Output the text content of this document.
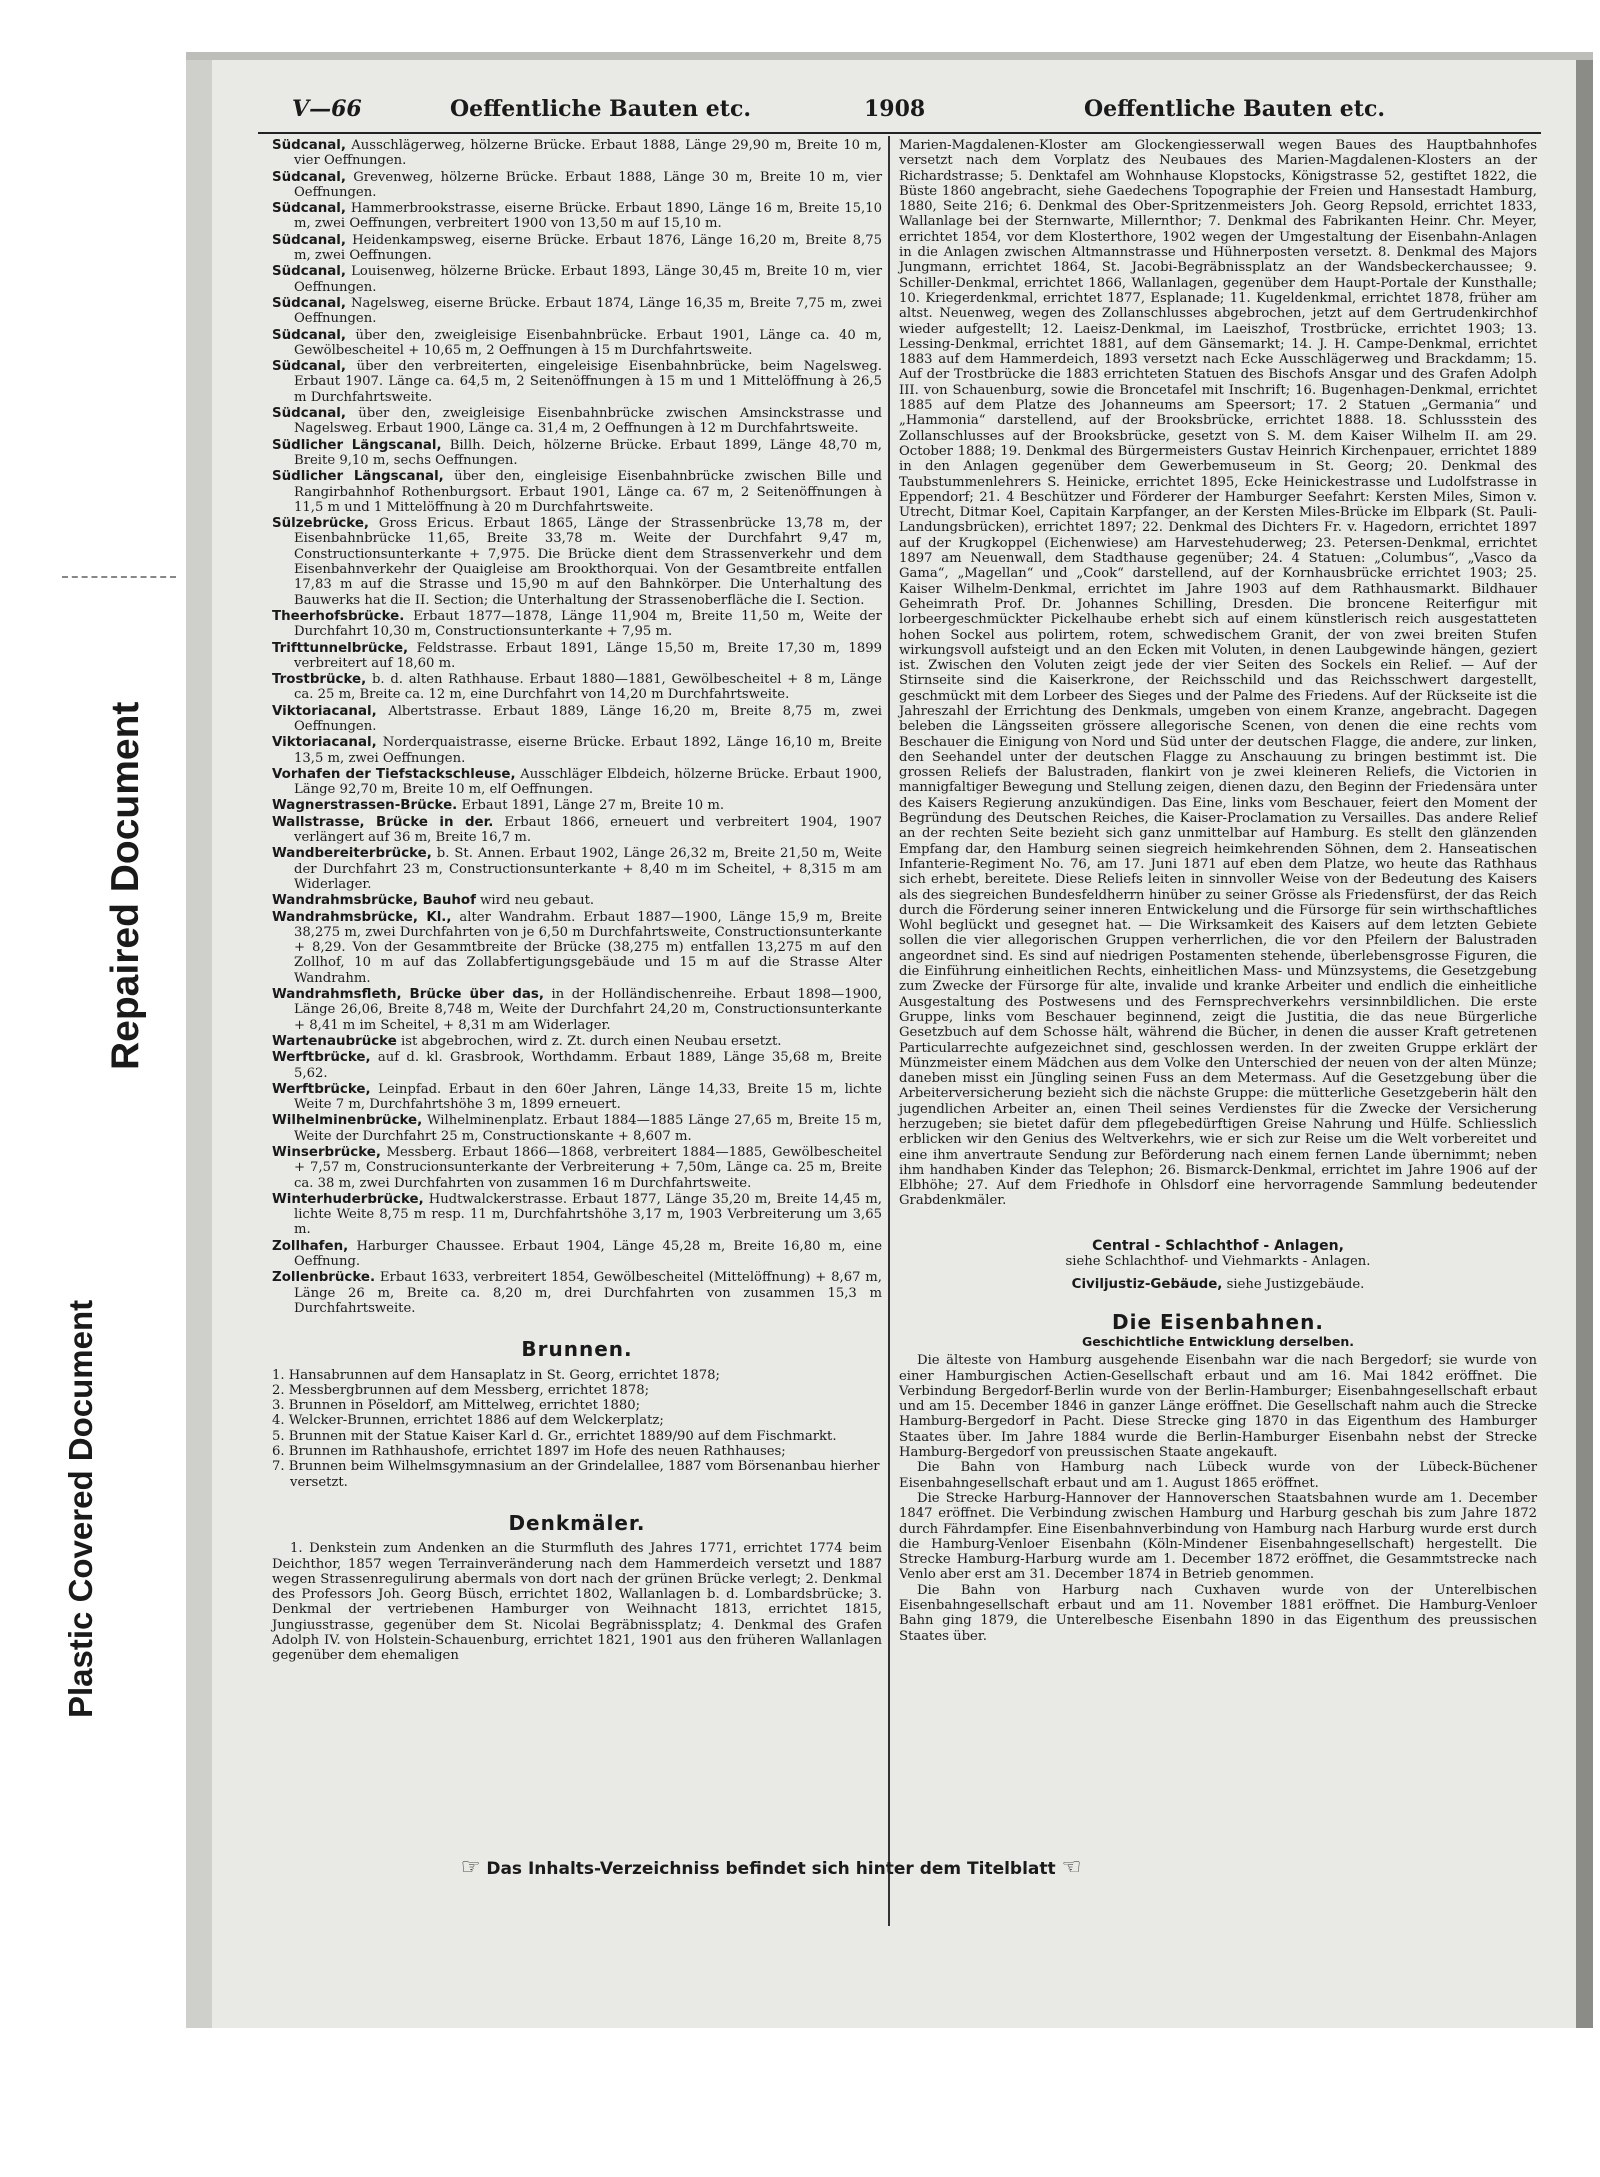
Repaired Document
Plastic Covered Document
V—66	Oeffentliche Bauten etc.	1908	Oeffentliche Bauten etc.

Südcanal, Ausschlägerweg, hölzerne Brücke. Erbaut 1888, Länge 29,90 m, Breite 10 m, vier Oeffnungen.

Südcanal, Grevenweg, hölzerne Brücke. Erbaut 1888, Länge 30 m, Breite 10 m, vier Oeffnungen.

Südcanal, Hammerbrookstrasse, eiserne Brücke. Erbaut 1890, Länge 16 m, Breite 15,10 m, zwei Oeffnungen, verbreitert 1900 von 13,50 m auf 15,10 m.

Südcanal, Heidenkampsweg, eiserne Brücke. Erbaut 1876, Länge 16,20 m, Breite 8,75 m, zwei Oeffnungen.

Südcanal, Louisenweg, hölzerne Brücke. Erbaut 1893, Länge 30,45 m, Breite 10 m, vier Oeffnungen.

Südcanal, Nagelsweg, eiserne Brücke. Erbaut 1874, Länge 16,35 m, Breite 7,75 m, zwei Oeffnungen.

Südcanal, über den, zweigleisige Eisenbahnbrücke. Erbaut 1901, Länge ca. 40 m, Gewölbescheitel + 10,65 m, 2 Oeffnungen à 15 m Durchfahrtsweite.

Südcanal, über den verbreiterten, eingeleisige Eisenbahnbrücke, beim Nagelsweg. Erbaut 1907. Länge ca. 64,5 m, 2 Seitenöffnungen à 15 m und 1 Mittelöffnung à 26,5 m Durchfahrtsweite.

Südcanal, über den, zweigleisige Eisenbahnbrücke zwischen Amsinckstrasse und Nagelsweg. Erbaut 1900, Länge ca. 31,4 m, 2 Oeffnungen à 12 m Durchfahrtsweite.

Südlicher Längscanal, Billh. Deich, hölzerne Brücke. Erbaut 1899, Länge 48,70 m, Breite 9,10 m, sechs Oeffnungen.

Südlicher Längscanal, über den, eingleisige Eisenbahnbrücke zwischen Bille und Rangirbahnhof Rothenburgsort. Erbaut 1901, Länge ca. 67 m, 2 Seitenöffnungen à 11,5 m und 1 Mittelöffnung à 20 m Durchfahrtsweite.

Sülzebrücke, Gross Ericus. Erbaut 1865, Länge der Strassenbrücke 13,78 m, der Eisenbahnbrücke 11,65, Breite 33,78 m. Weite der Durchfahrt 9,47 m, Constructionsunterkante + 7,975. Die Brücke dient dem Strassenverkehr und dem Eisenbahnverkehr der Quaigleise am Brookthorquai. Von der Gesamtbreite entfallen 17,83 m auf die Strasse und 15,90 m auf den Bahnkörper. Die Unterhaltung des Bauwerks hat die II. Section; die Unterhaltung der Strassenoberfläche die I. Section.

Theerhofsbrücke. Erbaut 1877—1878, Länge 11,904 m, Breite 11,50 m, Weite der Durchfahrt 10,30 m, Constructionsunterkante + 7,95 m.

Trifttunnelbrücke, Feldstrasse. Erbaut 1891, Länge 15,50 m, Breite 17,30 m, 1899 verbreitert auf 18,60 m.

Trostbrücke, b. d. alten Rathhause. Erbaut 1880—1881, Gewölbescheitel + 8 m, Länge ca. 25 m, Breite ca. 12 m, eine Durchfahrt von 14,20 m Durchfahrtsweite.

Viktoriacanal, Albertstrasse. Erbaut 1889, Länge 16,20 m, Breite 8,75 m, zwei Oeffnungen.

Viktoriacanal, Norderquaistrasse, eiserne Brücke. Erbaut 1892, Länge 16,10 m, Breite 13,5 m, zwei Oeffnungen.

Vorhafen der Tiefstackschleuse, Ausschläger Elbdeich, hölzerne Brücke. Erbaut 1900, Länge 92,70 m, Breite 10 m, elf Oeffnungen.

Wagnerstrassen-Brücke. Erbaut 1891, Länge 27 m, Breite 10 m.

Wallstrasse, Brücke in der. Erbaut 1866, erneuert und verbreitert 1904, 1907 verlängert auf 36 m, Breite 16,7 m.

Wandbereiterbrücke, b. St. Annen. Erbaut 1902, Länge 26,32 m, Breite 21,50 m, Weite der Durchfahrt 23 m, Constructionsunterkante + 8,40 m im Scheitel, + 8,315 m am Widerlager.

Wandrahmsbrücke, Bauhof wird neu gebaut.

Wandrahmsbrücke, Kl., alter Wandrahm. Erbaut 1887—1900, Länge 15,9 m, Breite 38,275 m, zwei Durchfahrten von je 6,50 m Durchfahrtsweite, Constructionsunterkante + 8,29. Von der Gesammtbreite der Brücke (38,275 m) entfallen 13,275 m auf den Zollhof, 10 m auf das Zollabfertigungsgebäude und 15 m auf die Strasse Alter Wandrahm.

Wandrahmsfleth, Brücke über das, in der Holländischenreihe. Erbaut 1898—1900, Länge 26,06, Breite 8,748 m, Weite der Durchfahrt 24,20 m, Constructionsunterkante + 8,41 m im Scheitel, + 8,31 m am Widerlager.

Wartenaubrücke ist abgebrochen, wird z. Zt. durch einen Neubau ersetzt.

Werftbrücke, auf d. kl. Grasbrook, Worthdamm. Erbaut 1889, Länge 35,68 m, Breite 5,62.

Werftbrücke, Leinpfad. Erbaut in den 60er Jahren, Länge 14,33, Breite 15 m, lichte Weite 7 m, Durchfahrtshöhe 3 m, 1899 erneuert.

Wilhelminenbrücke, Wilhelminenplatz. Erbaut 1884—1885 Länge 27,65 m, Breite 15 m, Weite der Durchfahrt 25 m, Constructionskante + 8,607 m.

Winserbrücke, Messberg. Erbaut 1866—1868, verbreitert 1884—1885, Gewölbescheitel + 7,57 m, Construcionsunterkante der Verbreiterung + 7,50m, Länge ca. 25 m, Breite ca. 38 m, zwei Durchfahrten von zusammen 16 m Durchfahrtsweite.

Winterhuderbrücke, Hudtwalckerstrasse. Erbaut 1877, Länge 35,20 m, Breite 14,45 m, lichte Weite 8,75 m resp. 11 m, Durchfahrtshöhe 3,17 m, 1903 Verbreiterung um 3,65 m.

Zollhafen, Harburger Chaussee. Erbaut 1904, Länge 45,28 m, Breite 16,80 m, eine Oeffnung.

Zollenbrücke. Erbaut 1633, verbreitert 1854, Gewölbescheitel (Mittelöffnung) + 8,67 m, Länge 26 m, Breite ca. 8,20 m, drei Durchfahrten von zusammen 15,3 m Durchfahrtsweite.

Brunnen.

1. Hansabrunnen auf dem Hansaplatz in St. Georg, errichtet 1878;

2. Messbergbrunnen auf dem Messberg, errichtet 1878;

3. Brunnen in Pöseldorf, am Mittelweg, errichtet 1880;

4. Welcker-Brunnen, errichtet 1886 auf dem Welckerplatz;

5. Brunnen mit der Statue Kaiser Karl d. Gr., errichtet 1889/90 auf dem Fischmarkt.

6. Brunnen im Rathhaushofe, errichtet 1897 im Hofe des neuen Rathhauses;

7. Brunnen beim Wilhelmsgymnasium an der Grindelallee, 1887 vom Börsenanbau hierher versetzt.

Denkmäler.

1. Denkstein zum Andenken an die Sturmfluth des Jahres 1771, errichtet 1774 beim Deichthor, 1857 wegen Terrainveränderung nach dem Hammerdeich versetzt und 1887 wegen Strassenregulirung abermals von dort nach der grünen Brücke verlegt; 2. Denkmal des Professors Joh. Georg Büsch, errichtet 1802, Wallanlagen b. d. Lombardsbrücke; 3. Denkmal der vertriebenen Hamburger von Weihnacht 1813, errichtet 1815, Jungiusstrasse, gegenüber dem St. Nicolai Begräbnissplatz; 4. Denkmal des Grafen Adolph IV. von Holstein-Schauenburg, errichtet 1821, 1901 aus den früheren Wallanlagen gegenüber dem ehemaligen

Marien-Magdalenen-Kloster am Glockengiesserwall wegen Baues des Hauptbahnhofes versetzt nach dem Vorplatz des Neubaues des Marien-Magdalenen-Klosters an der Richardstrasse; 5. Denktafel am Wohnhause Klopstocks, Königstrasse 52, gestiftet 1822, die Büste 1860 angebracht, siehe Gaedechens Topographie der Freien und Hansestadt Hamburg, 1880, Seite 216; 6. Denkmal des Ober-Spritzenmeisters Joh. Georg Repsold, errichtet 1833, Wallanlage bei der Sternwarte, Millernthor; 7. Denkmal des Fabrikanten Heinr. Chr. Meyer, errichtet 1854, vor dem Klosterthore, 1902 wegen der Umgestaltung der Eisenbahn-Anlagen in die Anlagen zwischen Altmannstrasse und Hühnerposten versetzt. 8. Denkmal des Majors Jungmann, errichtet 1864, St. Jacobi-Begräbnissplatz an der Wandsbeckerchaussee; 9. Schiller-Denkmal, errichtet 1866, Wallanlagen, gegenüber dem Haupt-Portale der Kunsthalle; 10. Kriegerdenkmal, errichtet 1877, Esplanade; 11. Kugeldenkmal, errichtet 1878, früher am altst. Neuenweg, wegen des Zollanschlusses abgebrochen, jetzt auf dem Gertrudenkirchhof wieder aufgestellt; 12. Laeisz-Denkmal, im Laeiszhof, Trostbrücke, errichtet 1903; 13. Lessing-Denkmal, errichtet 1881, auf dem Gänsemarkt; 14. J. H. Campe-Denkmal, errichtet 1883 auf dem Hammerdeich, 1893 versetzt nach Ecke Ausschlägerweg und Brackdamm; 15. Auf der Trostbrücke die 1883 errichteten Statuen des Bischofs Ansgar und des Grafen Adolph III. von Schauenburg, sowie die Broncetafel mit Inschrift; 16. Bugenhagen-Denkmal, errichtet 1885 auf dem Platze des Johanneums am Speersort; 17. 2 Statuen „Germania“ und „Hammonia“ darstellend, auf der Brooksbrücke, errichtet 1888. 18. Schlussstein des Zollanschlusses auf der Brooksbrücke, gesetzt von S. M. dem Kaiser Wilhelm II. am 29. October 1888; 19. Denkmal des Bürgermeisters Gustav Heinrich Kirchenpauer, errichtet 1889 in den Anlagen gegenüber dem Gewerbemuseum in St. Georg; 20. Denkmal des Taubstummenlehrers S. Heinicke, errichtet 1895, Ecke Heinickestrasse und Ludolfstrasse in Eppendorf; 21. 4 Beschützer und Förderer der Hamburger Seefahrt: Kersten Miles, Simon v. Utrecht, Ditmar Koel, Capitain Karpfanger, an der Kersten Miles-Brücke im Elbpark (St. Pauli-Landungsbrücken), errichtet 1897; 22. Denkmal des Dichters Fr. v. Hagedorn, errichtet 1897 auf der Krugkoppel (Eichenwiese) am Harvestehuderweg; 23. Petersen-Denkmal, errichtet 1897 am Neuenwall, dem Stadthause gegenüber; 24. 4 Statuen: „Columbus“, „Vasco da Gama“, „Magellan“ und „Cook“ darstellend, auf der Kornhausbrücke errichtet 1903; 25. Kaiser Wilhelm-Denkmal, errichtet im Jahre 1903 auf dem Rathhausmarkt. Bildhauer Geheimrath Prof. Dr. Johannes Schilling, Dresden. Die broncene Reiterfigur mit lorbeergeschmückter Pickelhaube erhebt sich auf einem künstlerisch reich ausgestatteten hohen Sockel aus polirtem, rotem, schwedischem Granit, der von zwei breiten Stufen wirkungsvoll aufsteigt und an den Ecken mit Voluten, in denen Laubgewinde hängen, geziert ist. Zwischen den Voluten zeigt jede der vier Seiten des Sockels ein Relief. — Auf der Stirnseite sind die Kaiserkrone, der Reichsschild und das Reichsschwert dargestellt, geschmückt mit dem Lorbeer des Sieges und der Palme des Friedens. Auf der Rückseite ist die Jahreszahl der Errichtung des Denkmals, umgeben von einem Kranze, angebracht. Dagegen beleben die Längsseiten grössere allegorische Scenen, von denen die eine rechts vom Beschauer die Einigung von Nord und Süd unter der deutschen Flagge, die andere, zur linken, den Seehandel unter der deutschen Flagge zu Anschauung zu bringen bestimmt ist. Die grossen Reliefs der Balustraden, flankirt von je zwei kleineren Reliefs, die Victorien in mannigfaltiger Bewegung und Stellung zeigen, dienen dazu, den Beginn der Friedensära unter des Kaisers Regierung anzukündigen. Das Eine, links vom Beschauer, feiert den Moment der Begründung des Deutschen Reiches, die Kaiser-Proclamation zu Versailles. Das andere Relief an der rechten Seite bezieht sich ganz unmittelbar auf Hamburg. Es stellt den glänzenden Empfang dar, den Hamburg seinen siegreich heimkehrenden Söhnen, dem 2. Hanseatischen Infanterie-Regiment No. 76, am 17. Juni 1871 auf eben dem Platze, wo heute das Rathhaus sich erhebt, bereitete. Diese Reliefs leiten in sinnvoller Weise von der Bedeutung des Kaisers als des siegreichen Bundesfeldherrn hinüber zu seiner Grösse als Friedensfürst, der das Reich durch die Förderung seiner inneren Entwickelung und die Fürsorge für sein wirthschaftliches Wohl beglückt und gesegnet hat. — Die Wirksamkeit des Kaisers auf dem letzten Gebiete sollen die vier allegorischen Gruppen verherrlichen, die vor den Pfeilern der Balustraden angeordnet sind. Es sind auf niedrigen Postamenten stehende, überlebensgrosse Figuren, die die Einführung einheitlichen Rechts, einheitlichen Mass- und Münzsystems, die Gesetzgebung zum Zwecke der Fürsorge für alte, invalide und kranke Arbeiter und endlich die einheitliche Ausgestaltung des Postwesens und des Fernsprechverkehrs versinnbildlichen. Die erste Gruppe, links vom Beschauer beginnend, zeigt die Justitia, die das neue Bürgerliche Gesetzbuch auf dem Schosse hält, während die Bücher, in denen die ausser Kraft getretenen Particularrechte aufgezeichnet sind, geschlossen werden. In der zweiten Gruppe erklärt der Münzmeister einem Mädchen aus dem Volke den Unterschied der neuen von der alten Münze; daneben misst ein Jüngling seinen Fuss an dem Metermass. Auf die Gesetzgebung über die Arbeiterversicherung bezieht sich die nächste Gruppe: die mütterliche Gesetzgeberin hält den jugendlichen Arbeiter an, einen Theil seines Verdienstes für die Zwecke der Versicherung herzugeben; sie bietet dafür dem pflegebedürftigen Greise Nahrung und Hülfe. Schliesslich erblicken wir den Genius des Weltverkehrs, wie er sich zur Reise um die Welt vorbereitet und eine ihm anvertraute Sendung zur Beförderung nach einem fernen Lande übernimmt; neben ihm handhaben Kinder das Telephon; 26. Bismarck-Denkmal, errichtet im Jahre 1906 auf der Elbhöhe; 27. Auf dem Friedhofe in Ohlsdorf eine hervorragende Sammlung bedeutender Grabdenkmäler.

Central - Schlachthof - Anlagen,

siehe Schlachthof- und Viehmarkts - Anlagen.

Civiljustiz-Gebäude, siehe Justizgebäude.

Die Eisenbahnen.

Geschichtliche Entwicklung derselben.

Die älteste von Hamburg ausgehende Eisenbahn war die nach Bergedorf; sie wurde von einer Hamburgischen Actien-Gesellschaft erbaut und am 16. Mai 1842 eröffnet. Die Verbindung Bergedorf-Berlin wurde von der Berlin-Hamburger; Eisenbahngesellschaft erbaut und am 15. December 1846 in ganzer Länge eröffnet. Die Gesellschaft nahm auch die Strecke Hamburg-Bergedorf in Pacht. Diese Strecke ging 1870 in das Eigenthum des Hamburger Staates über. Im Jahre 1884 wurde die Berlin-Hamburger Eisenbahn nebst der Strecke Hamburg-Bergedorf von preussischen Staate angekauft.

Die Bahn von Hamburg nach Lübeck wurde von der Lübeck-Büchener Eisenbahngesellschaft erbaut und am 1. August 1865 eröffnet.

Die Strecke Harburg-Hannover der Hannoverschen Staatsbahnen wurde am 1. December 1847 eröffnet. Die Verbindung zwischen Hamburg und Harburg geschah bis zum Jahre 1872 durch Fährdampfer. Eine Eisenbahnverbindung von Hamburg nach Harburg wurde erst durch die Hamburg-Venloer Eisenbahn (Köln-Mindener Eisenbahngesellschaft) hergestellt. Die Strecke Hamburg-Harburg wurde am 1. December 1872 eröffnet, die Gesammtstrecke nach Venlo aber erst am 31. December 1874 in Betrieb genommen.

Die Bahn von Harburg nach Cuxhaven wurde von der Unterelbischen Eisenbahngesellschaft erbaut und am 11. November 1881 eröffnet. Die Hamburg-Venloer Bahn ging 1879, die Unterelbesche Eisenbahn 1890 in das Eigenthum des preussischen Staates über.

☞ Das Inhalts-Verzeichniss befindet sich hinter dem Titelblatt ☜
